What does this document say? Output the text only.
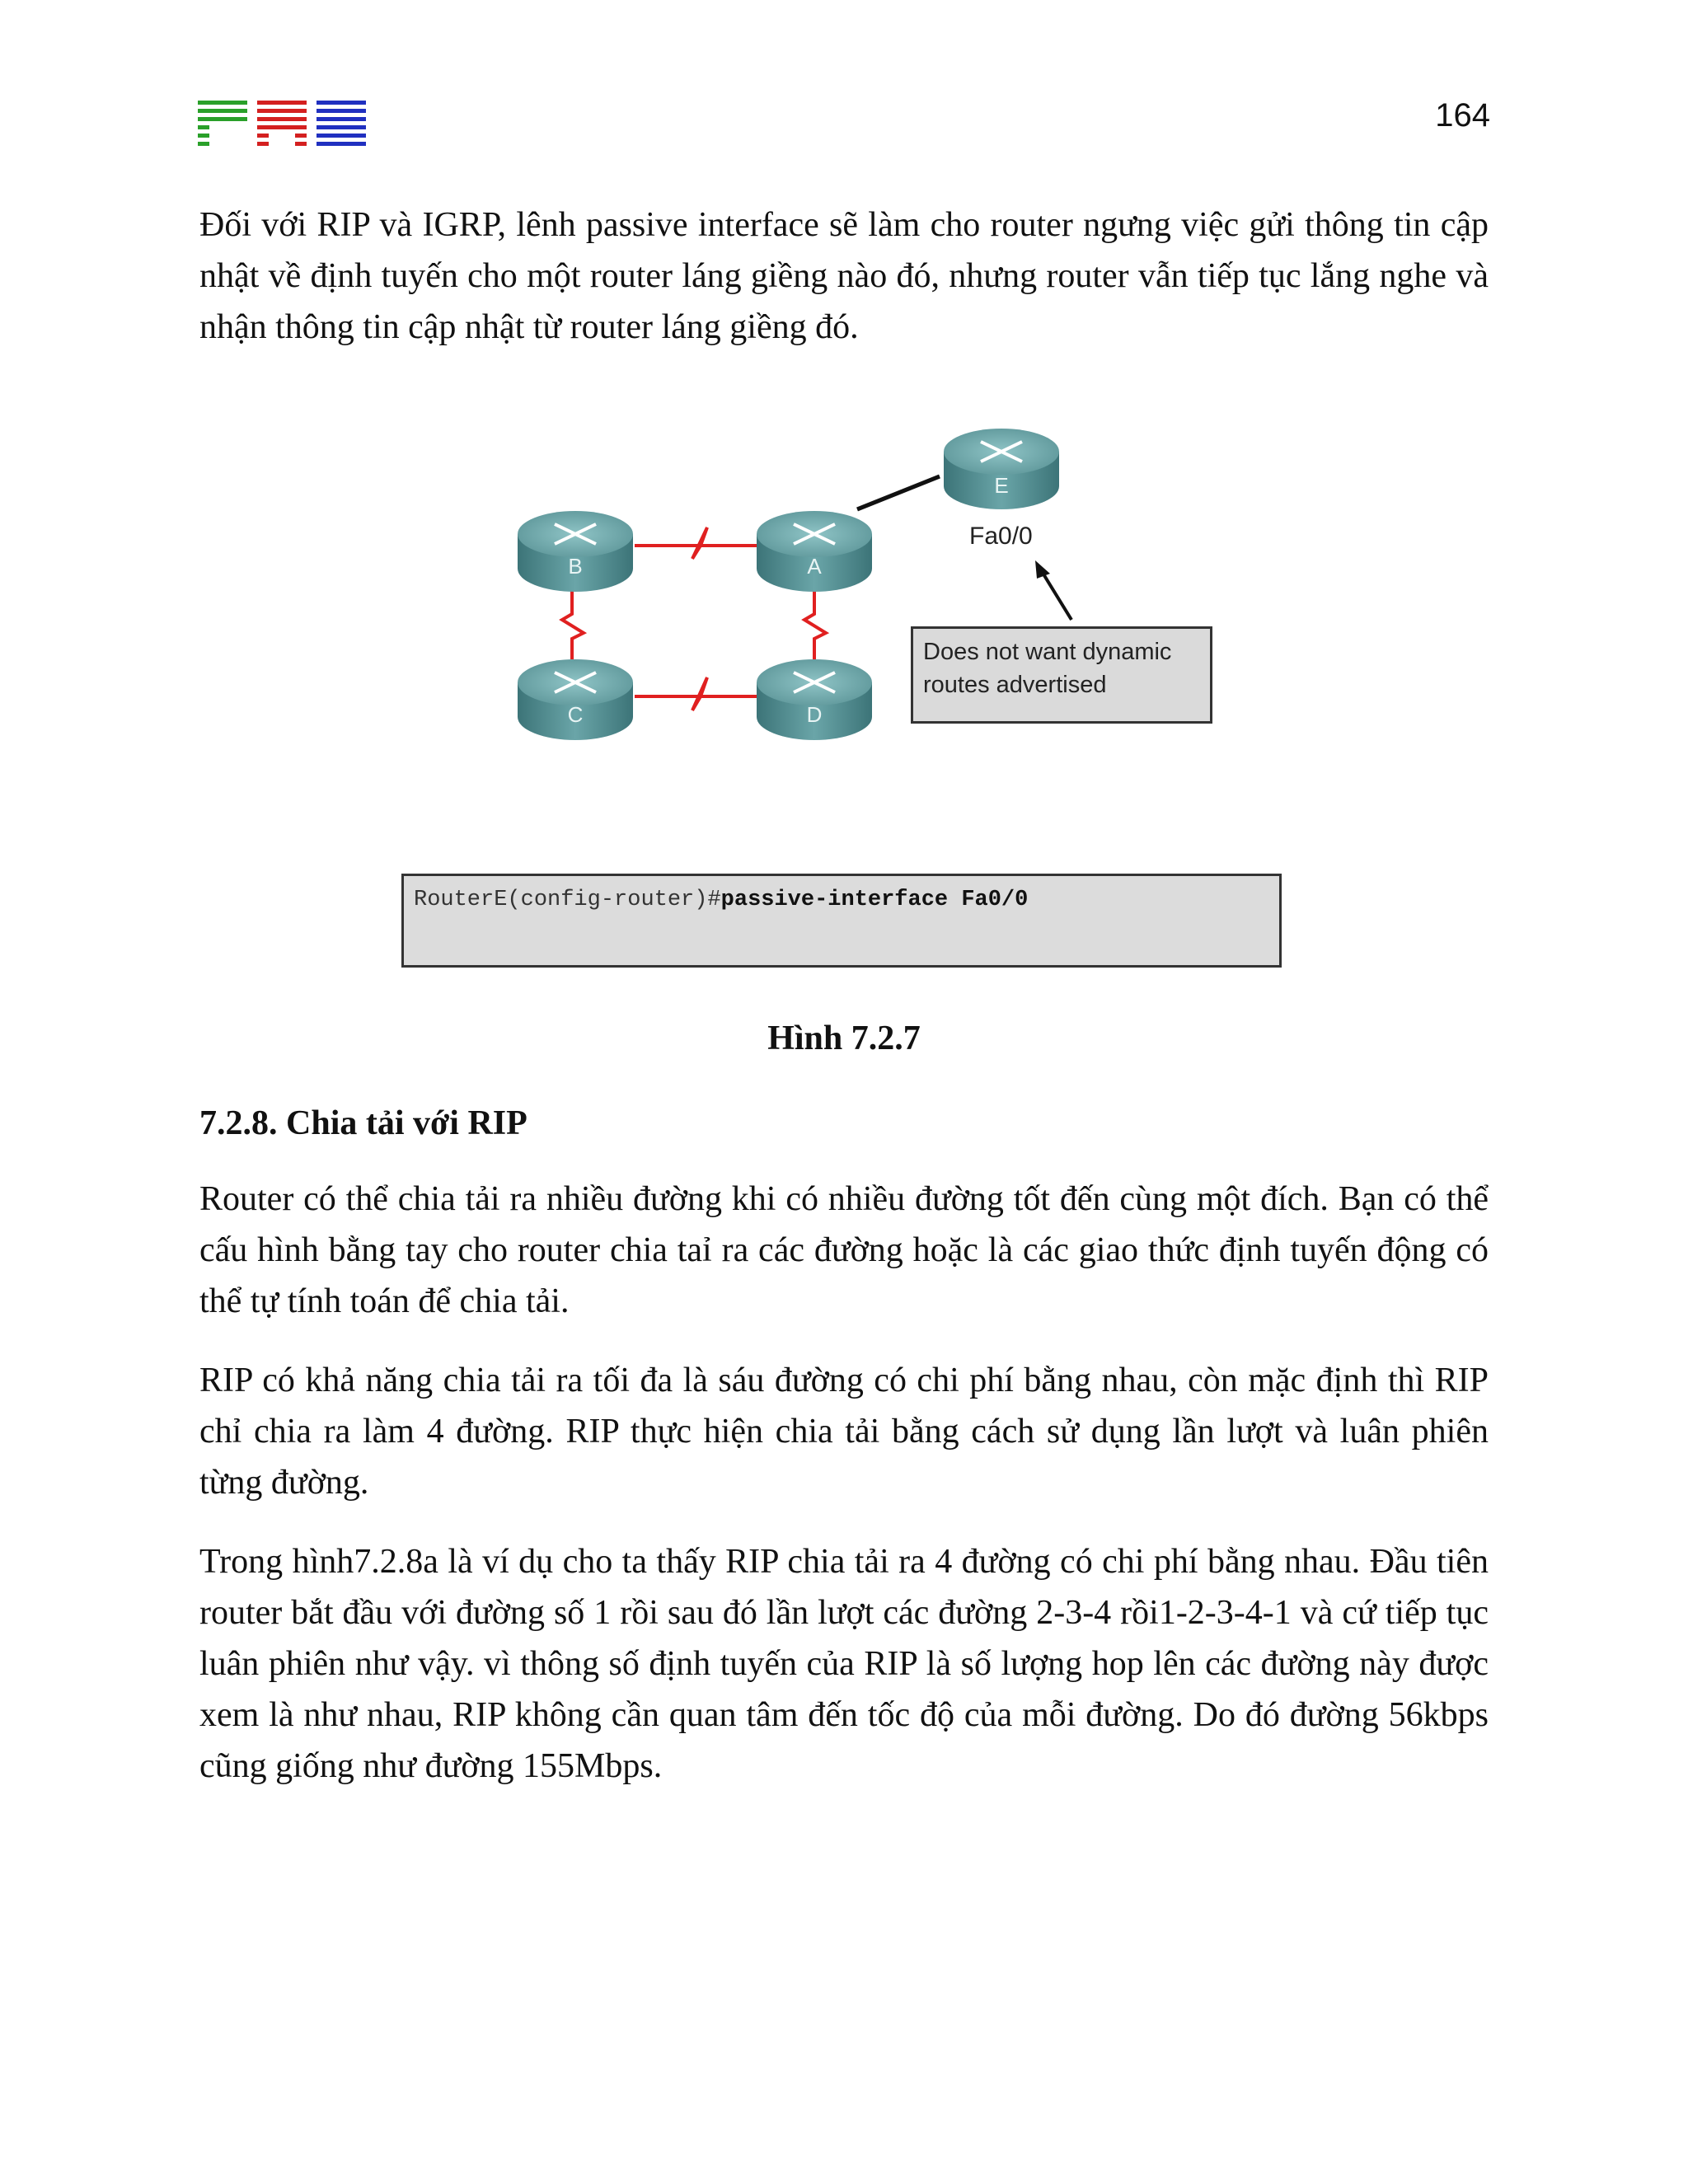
164

Đối với RIP và IGRP, lênh passive interface sẽ làm cho router ngưng việc gửi thông tin cập nhật về định tuyến cho một router láng giềng nào đó, nhưng router vẫn tiếp tục lắng nghe và nhận thông tin cập nhật từ router láng giềng đó.

B	A
E
C	D
Fa0/0
Does not want dynamic
routes advertised
RouterE(config-router)#passive-interface Fa0/0
Hình 7.2.7
7.2.8. Chia tải với RIP

Router có thể chia tải ra nhiều đường khi có nhiều đường tốt đến cùng một đích. Bạn có thể cấu hình bằng tay cho router chia taỉ ra các đường hoặc là các giao thức định tuyến động có thể tự tính toán để chia tải.

RIP có khả năng chia tải ra tối đa là sáu đường có chi phí bằng nhau, còn mặc định thì RIP chỉ chia ra làm 4 đường. RIP thực hiện chia tải bằng cách sử dụng lần lượt và luân phiên từng đường.

Trong hình7.2.8a là ví dụ cho ta thấy RIP chia tải ra 4 đường có chi phí bằng nhau. Đầu tiên router bắt đầu với đường số 1 rồi sau đó lần lượt các đường 2-3-4 rồi1-2-3-4-1 và cứ tiếp tục luân phiên như vậy. vì thông số định tuyến của RIP là số lượng hop lên các đường này được xem là như nhau, RIP không cần quan tâm đến tốc độ của mỗi đường. Do đó đường 56kbps cũng giống như đường 155Mbps.
